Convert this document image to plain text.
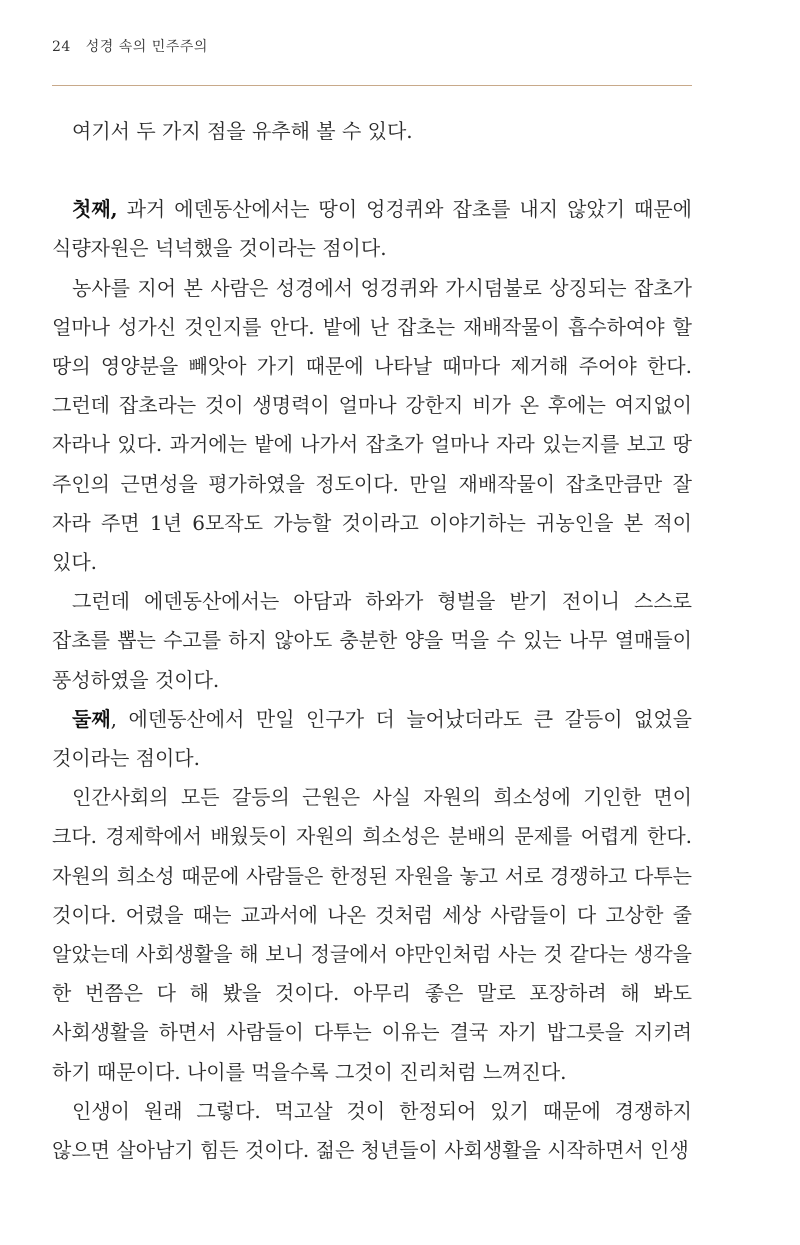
24 성경 속의 민주주의

여기서 두 가지 점을 유추해 볼 수 있다.

첫째, 과거 에덴동산에서는 땅이 엉겅퀴와 잡초를 내지 않았기 때문에 식량자원은 넉넉했을 것이라는 점이다.

농사를 지어 본 사람은 성경에서 엉겅퀴와 가시덤불로 상징되는 잡초가 얼마나 성가신 것인지를 안다. 밭에 난 잡초는 재배작물이 흡수하여야 할 땅의 영양분을 빼앗아 가기 때문에 나타날 때마다 제거해 주어야 한다. 그런데 잡초라는 것이 생명력이 얼마나 강한지 비가 온 후에는 여지없이 자라나 있다. 과거에는 밭에 나가서 잡초가 얼마나 자라 있는지를 보고 땅 주인의 근면성을 평가하였을 정도이다. 만일 재배작물이 잡초만큼만 잘 자라 주면 1년 6모작도 가능할 것이라고 이야기하는 귀농인을 본 적이 있다.

그런데 에덴동산에서는 아담과 하와가 형벌을 받기 전이니 스스로 잡초를 뽑는 수고를 하지 않아도 충분한 양을 먹을 수 있는 나무 열매들이 풍성하였을 것이다.

둘째, 에덴동산에서 만일 인구가 더 늘어났더라도 큰 갈등이 없었을 것이라는 점이다.

인간사회의 모든 갈등의 근원은 사실 자원의 희소성에 기인한 면이 크다. 경제학에서 배웠듯이 자원의 희소성은 분배의 문제를 어렵게 한다. 자원의 희소성 때문에 사람들은 한정된 자원을 놓고 서로 경쟁하고 다투는 것이다. 어렸을 때는 교과서에 나온 것처럼 세상 사람들이 다 고상한 줄 알았는데 사회생활을 해 보니 정글에서 야만인처럼 사는 것 같다는 생각을 한 번쯤은 다 해 봤을 것이다. 아무리 좋은 말로 포장하려 해 봐도 사회생활을 하면서 사람들이 다투는 이유는 결국 자기 밥그릇을 지키려 하기 때문이다. 나이를 먹을수록 그것이 진리처럼 느껴진다.

인생이 원래 그렇다. 먹고살 것이 한정되어 있기 때문에 경쟁하지 않으면 살아남기 힘든 것이다. 젊은 청년들이 사회생활을 시작하면서 인생
